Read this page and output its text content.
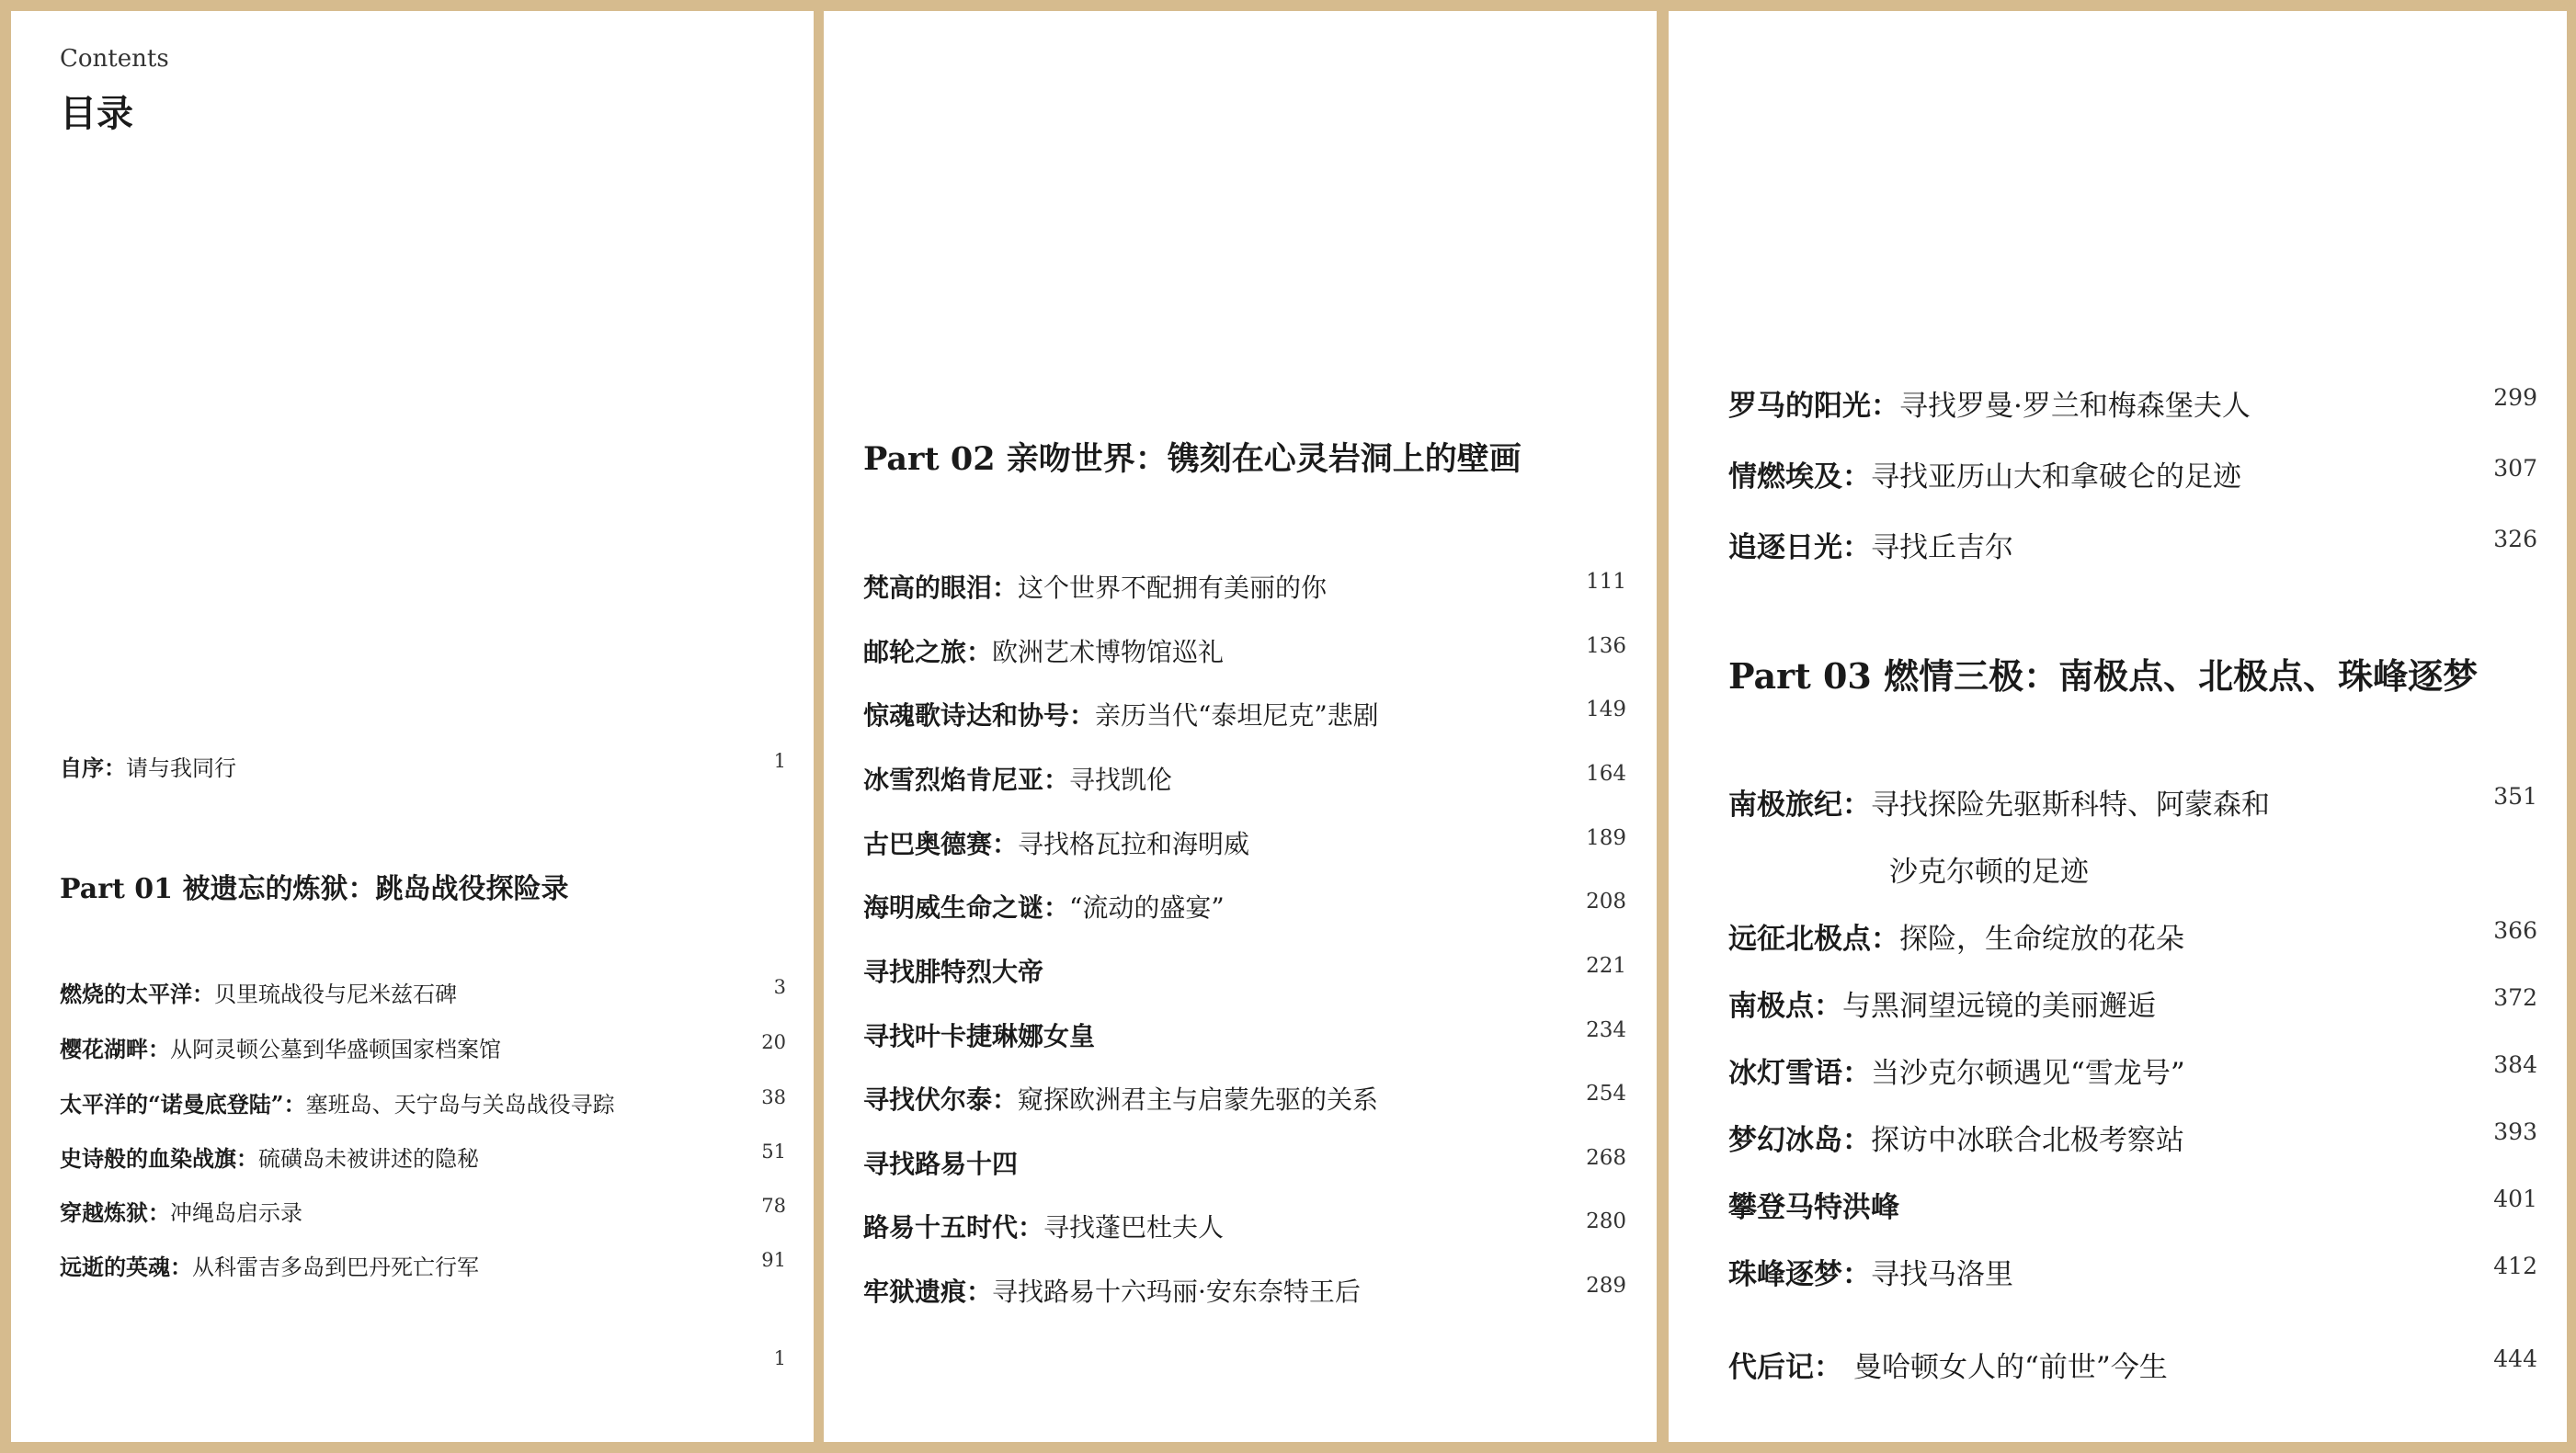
Contents
目录
自序：请与我同行	1
Part 01 被遗忘的炼狱：跳岛战役探险录
燃烧的太平洋：贝里琉战役与尼米兹石碑	3
樱花湖畔：从阿灵顿公墓到华盛顿国家档案馆	20
太平洋的“诺曼底登陆”：塞班岛、天宁岛与关岛战役寻踪	38
史诗般的血染战旗：硫磺岛未被讲述的隐秘	51
穿越炼狱：冲绳岛启示录	78
远逝的英魂：从科雷吉多岛到巴丹死亡行军	91
1
Part 02 亲吻世界：镌刻在心灵岩洞上的壁画
梵高的眼泪：这个世界不配拥有美丽的你	111
邮轮之旅：欧洲艺术博物馆巡礼	136
惊魂歌诗达和协号：亲历当代“泰坦尼克”悲剧	149
冰雪烈焰肯尼亚：寻找凯伦	164
古巴奥德赛：寻找格瓦拉和海明威	189
海明威生命之谜：“流动的盛宴”	208
寻找腓特烈大帝	221
寻找叶卡捷琳娜女皇	234
寻找伏尔泰：窥探欧洲君主与启蒙先驱的关系	254
寻找路易十四	268
路易十五时代：寻找蓬巴杜夫人	280
牢狱遗痕：寻找路易十六玛丽·安东奈特王后	289
罗马的阳光：寻找罗曼·罗兰和梅森堡夫人	299
情燃埃及：寻找亚历山大和拿破仑的足迹	307
追逐日光：寻找丘吉尔	326
Part 03 燃情三极：南极点、北极点、珠峰逐梦
南极旅纪：寻找探险先驱斯科特、阿蒙森和	351
沙克尔顿的足迹
远征北极点：探险，生命绽放的花朵	366
南极点：与黑洞望远镜的美丽邂逅	372
冰灯雪语：当沙克尔顿遇见“雪龙号”	384
梦幻冰岛：探访中冰联合北极考察站	393
攀登马特洪峰	401
珠峰逐梦：寻找马洛里	412
代后记： 曼哈顿女人的“前世”今生	444
